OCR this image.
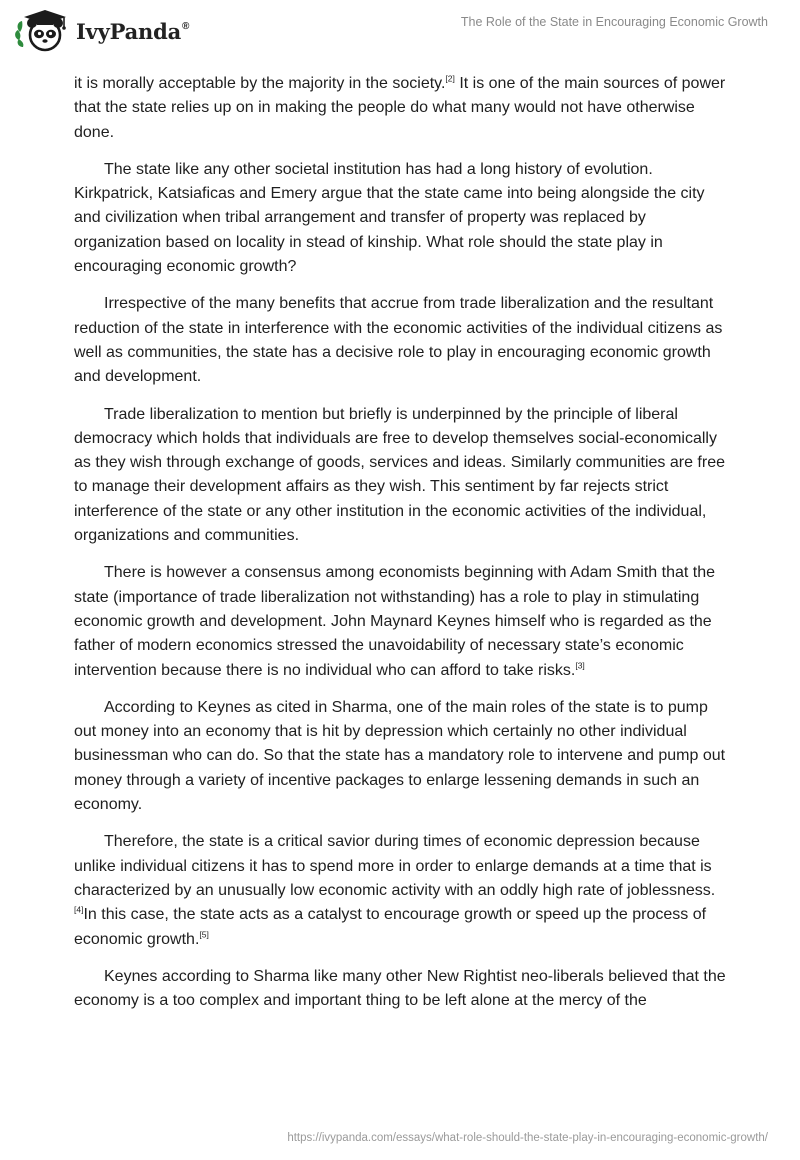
IvyPanda®	The Role of the State in Encouraging Economic Growth

it is morally acceptable by the majority in the society.[2] It is one of the main sources of power that the state relies up on in making the people do what many would not have otherwise done.

The state like any other societal institution has had a long history of evolution. Kirkpatrick, Katsiaficas and Emery argue that the state came into being alongside the city and civilization when tribal arrangement and transfer of property was replaced by organization based on locality in stead of kinship. What role should the state play in encouraging economic growth?

Irrespective of the many benefits that accrue from trade liberalization and the resultant reduction of the state in interference with the economic activities of the individual citizens as well as communities, the state has a decisive role to play in encouraging economic growth and development.

Trade liberalization to mention but briefly is underpinned by the principle of liberal democracy which holds that individuals are free to develop themselves social-economically as they wish through exchange of goods, services and ideas. Similarly communities are free to manage their development affairs as they wish. This sentiment by far rejects strict interference of the state or any other institution in the economic activities of the individual, organizations and communities.

There is however a consensus among economists beginning with Adam Smith that the state (importance of trade liberalization not withstanding) has a role to play in stimulating economic growth and development. John Maynard Keynes himself who is regarded as the father of modern economics stressed the unavoidability of necessary state’s economic intervention because there is no individual who can afford to take risks.[3]

According to Keynes as cited in Sharma, one of the main roles of the state is to pump out money into an economy that is hit by depression which certainly no other individual businessman who can do. So that the state has a mandatory role to intervene and pump out money through a variety of incentive packages to enlarge lessening demands in such an economy.

Therefore, the state is a critical savior during times of economic depression because unlike individual citizens it has to spend more in order to enlarge demands at a time that is characterized by an unusually low economic activity with an oddly high rate of joblessness.[4]In this case, the state acts as a catalyst to encourage growth or speed up the process of economic growth.[5]

Keynes according to Sharma like many other New Rightist neo-liberals believed that the economy is a too complex and important thing to be left alone at the mercy of the

https://ivypanda.com/essays/what-role-should-the-state-play-in-encouraging-economic-growth/
